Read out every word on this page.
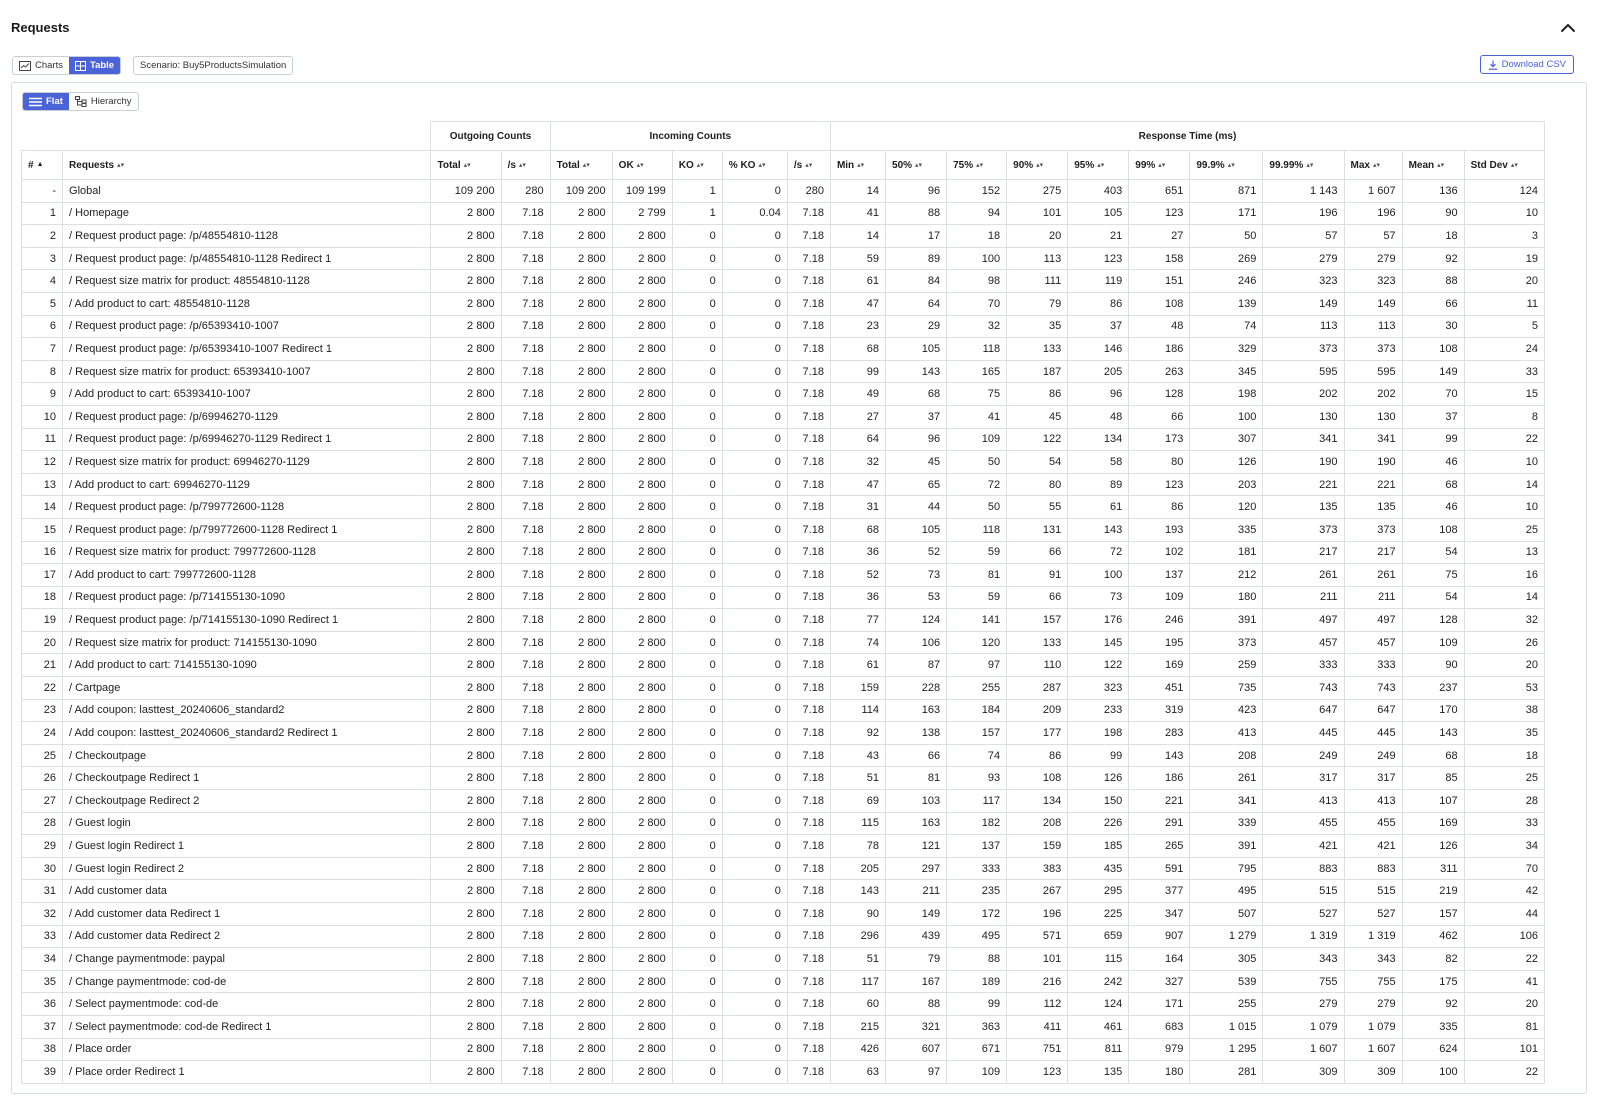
Requests
Charts	Table	Scenario: Buy5ProductsSimulation	Download CSV
Flat	Hierarchy
		Outgoing Counts		Incoming Counts					Response Time (ms)										
# ▲	Requests ▴▾	Total ▴▾	/s ▴▾	Total ▴▾	OK ▴▾	KO ▴▾	% KO ▴▾	/s ▴▾	Min ▴▾	50% ▴▾	75% ▴▾	90% ▴▾	95% ▴▾	99% ▴▾	99.9% ▴▾	99.99% ▴▾	Max ▴▾	Mean ▴▾	Std Dev ▴▾
-	Global	109 200	280	109 200	109 199	1	0	280	14	96	152	275	403	651	871	1 143	1 607	136	124
1	/ Homepage	2 800	7.18	2 800	2 799	1	0.04	7.18	41	88	94	101	105	123	171	196	196	90	10
2	/ Request product page: /p/48554810-1128	2 800	7.18	2 800	2 800	0	0	7.18	14	17	18	20	21	27	50	57	57	18	3
3	/ Request product page: /p/48554810-1128 Redirect 1	2 800	7.18	2 800	2 800	0	0	7.18	59	89	100	113	123	158	269	279	279	92	19
4	/ Request size matrix for product: 48554810-1128	2 800	7.18	2 800	2 800	0	0	7.18	61	84	98	111	119	151	246	323	323	88	20
5	/ Add product to cart: 48554810-1128	2 800	7.18	2 800	2 800	0	0	7.18	47	64	70	79	86	108	139	149	149	66	11
6	/ Request product page: /p/65393410-1007	2 800	7.18	2 800	2 800	0	0	7.18	23	29	32	35	37	48	74	113	113	30	5
7	/ Request product page: /p/65393410-1007 Redirect 1	2 800	7.18	2 800	2 800	0	0	7.18	68	105	118	133	146	186	329	373	373	108	24
8	/ Request size matrix for product: 65393410-1007	2 800	7.18	2 800	2 800	0	0	7.18	99	143	165	187	205	263	345	595	595	149	33
9	/ Add product to cart: 65393410-1007	2 800	7.18	2 800	2 800	0	0	7.18	49	68	75	86	96	128	198	202	202	70	15
10	/ Request product page: /p/69946270-1129	2 800	7.18	2 800	2 800	0	0	7.18	27	37	41	45	48	66	100	130	130	37	8
11	/ Request product page: /p/69946270-1129 Redirect 1	2 800	7.18	2 800	2 800	0	0	7.18	64	96	109	122	134	173	307	341	341	99	22
12	/ Request size matrix for product: 69946270-1129	2 800	7.18	2 800	2 800	0	0	7.18	32	45	50	54	58	80	126	190	190	46	10
13	/ Add product to cart: 69946270-1129	2 800	7.18	2 800	2 800	0	0	7.18	47	65	72	80	89	123	203	221	221	68	14
14	/ Request product page: /p/799772600-1128	2 800	7.18	2 800	2 800	0	0	7.18	31	44	50	55	61	86	120	135	135	46	10
15	/ Request product page: /p/799772600-1128 Redirect 1	2 800	7.18	2 800	2 800	0	0	7.18	68	105	118	131	143	193	335	373	373	108	25
16	/ Request size matrix for product: 799772600-1128	2 800	7.18	2 800	2 800	0	0	7.18	36	52	59	66	72	102	181	217	217	54	13
17	/ Add product to cart: 799772600-1128	2 800	7.18	2 800	2 800	0	0	7.18	52	73	81	91	100	137	212	261	261	75	16
18	/ Request product page: /p/714155130-1090	2 800	7.18	2 800	2 800	0	0	7.18	36	53	59	66	73	109	180	211	211	54	14
19	/ Request product page: /p/714155130-1090 Redirect 1	2 800	7.18	2 800	2 800	0	0	7.18	77	124	141	157	176	246	391	497	497	128	32
20	/ Request size matrix for product: 714155130-1090	2 800	7.18	2 800	2 800	0	0	7.18	74	106	120	133	145	195	373	457	457	109	26
21	/ Add product to cart: 714155130-1090	2 800	7.18	2 800	2 800	0	0	7.18	61	87	97	110	122	169	259	333	333	90	20
22	/ Cartpage	2 800	7.18	2 800	2 800	0	0	7.18	159	228	255	287	323	451	735	743	743	237	53
23	/ Add coupon: lasttest_20240606_standard2	2 800	7.18	2 800	2 800	0	0	7.18	114	163	184	209	233	319	423	647	647	170	38
24	/ Add coupon: lasttest_20240606_standard2 Redirect 1	2 800	7.18	2 800	2 800	0	0	7.18	92	138	157	177	198	283	413	445	445	143	35
25	/ Checkoutpage	2 800	7.18	2 800	2 800	0	0	7.18	43	66	74	86	99	143	208	249	249	68	18
26	/ Checkoutpage Redirect 1	2 800	7.18	2 800	2 800	0	0	7.18	51	81	93	108	126	186	261	317	317	85	25
27	/ Checkoutpage Redirect 2	2 800	7.18	2 800	2 800	0	0	7.18	69	103	117	134	150	221	341	413	413	107	28
28	/ Guest login	2 800	7.18	2 800	2 800	0	0	7.18	115	163	182	208	226	291	339	455	455	169	33
29	/ Guest login Redirect 1	2 800	7.18	2 800	2 800	0	0	7.18	78	121	137	159	185	265	391	421	421	126	34
30	/ Guest login Redirect 2	2 800	7.18	2 800	2 800	0	0	7.18	205	297	333	383	435	591	795	883	883	311	70
31	/ Add customer data	2 800	7.18	2 800	2 800	0	0	7.18	143	211	235	267	295	377	495	515	515	219	42
32	/ Add customer data Redirect 1	2 800	7.18	2 800	2 800	0	0	7.18	90	149	172	196	225	347	507	527	527	157	44
33	/ Add customer data Redirect 2	2 800	7.18	2 800	2 800	0	0	7.18	296	439	495	571	659	907	1 279	1 319	1 319	462	106
34	/ Change paymentmode: paypal	2 800	7.18	2 800	2 800	0	0	7.18	51	79	88	101	115	164	305	343	343	82	22
35	/ Change paymentmode: cod-de	2 800	7.18	2 800	2 800	0	0	7.18	117	167	189	216	242	327	539	755	755	175	41
36	/ Select paymentmode: cod-de	2 800	7.18	2 800	2 800	0	0	7.18	60	88	99	112	124	171	255	279	279	92	20
37	/ Select paymentmode: cod-de Redirect 1	2 800	7.18	2 800	2 800	0	0	7.18	215	321	363	411	461	683	1 015	1 079	1 079	335	81
38	/ Place order	2 800	7.18	2 800	2 800	0	0	7.18	426	607	671	751	811	979	1 295	1 607	1 607	624	101
39	/ Place order Redirect 1	2 800	7.18	2 800	2 800	0	0	7.18	63	97	109	123	135	180	281	309	309	100	22
